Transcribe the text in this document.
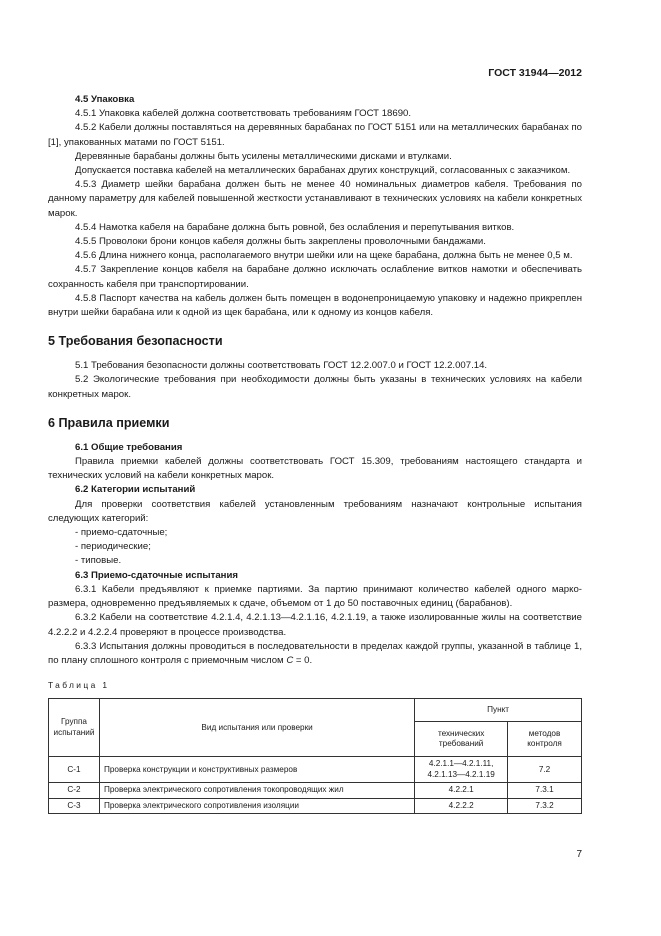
ГОСТ 31944—2012

4.5 Упаковка

4.5.1 Упаковка кабелей должна соответствовать требованиям ГОСТ 18690.

4.5.2 Кабели должны поставляться на деревянных барабанах по ГОСТ 5151 или на металлических барабанах по [1], упакованных матами по ГОСТ 5151.

Деревянные барабаны должны быть усилены металлическими дисками и втулками.

Допускается поставка кабелей на металлических барабанах других конструкций, согласованных с заказчиком.

4.5.3 Диаметр шейки барабана должен быть не менее 40 номинальных диаметров кабеля. Требования по данному параметру для кабелей повышенной жесткости устанавливают в технических условиях на кабели конкретных марок.

4.5.4 Намотка кабеля на барабане должна быть ровной, без ослабления и перепутывания витков.

4.5.5 Проволоки брони концов кабеля должны быть закреплены проволочными бандажами.

4.5.6 Длина нижнего конца, располагаемого внутри шейки или на щеке барабана, должна быть не менее 0,5 м.

4.5.7 Закрепление концов кабеля на барабане должно исключать ослабление витков намотки и обеспечивать сохранность кабеля при транспортировании.

4.5.8 Паспорт качества на кабель должен быть помещен в водонепроницаемую упаковку и надежно прикреплен внутри шейки барабана или к одной из щек барабана, или к одному из концов кабеля.

5 Требования безопасности

5.1 Требования безопасности должны соответствовать ГОСТ 12.2.007.0 и ГОСТ 12.2.007.14.

5.2 Экологические требования при необходимости должны быть указаны в технических условиях на кабели конкретных марок.

6 Правила приемки

6.1 Общие требования

Правила приемки кабелей должны соответствовать ГОСТ 15.309, требованиям настоящего стандарта и технических условий на кабели конкретных марок.

6.2 Категории испытаний

Для проверки соответствия кабелей установленным требованиям назначают контрольные испытания следующих категорий:

- приемо-сдаточные;

- периодические;

- типовые.

6.3 Приемо-сдаточные испытания

6.3.1 Кабели предъявляют к приемке партиями. За партию принимают количество кабелей одного маркоразмера, одновременно предъявляемых к сдаче, объемом от 1 до 50 поставочных единиц (барабанов).

6.3.2 Кабели на соответствие 4.2.1.4, 4.2.1.13—4.2.1.16, 4.2.1.19, а также изолированные жилы на соответствие 4.2.2.2 и 4.2.2.4 проверяют в процессе производства.

6.3.3 Испытания должны проводиться в последовательности в пределах каждой группы, указанной в таблице 1, по плану сплошного контроля с приемочным числом C = 0.

Таблица 1
Группа испытаний	Вид испытания или проверки	Пункт	
		технических требований	методов контроля
С-1	Проверка конструкции и конструктивных размеров	4.2.1.1—4.2.1.11,
4.2.1.13—4.2.1.19	7.2
С-2	Проверка электрического сопротивления токопроводящих жил	4.2.2.1	7.3.1
С-3	Проверка электрического сопротивления изоляции	4.2.2.2	7.3.2
7
